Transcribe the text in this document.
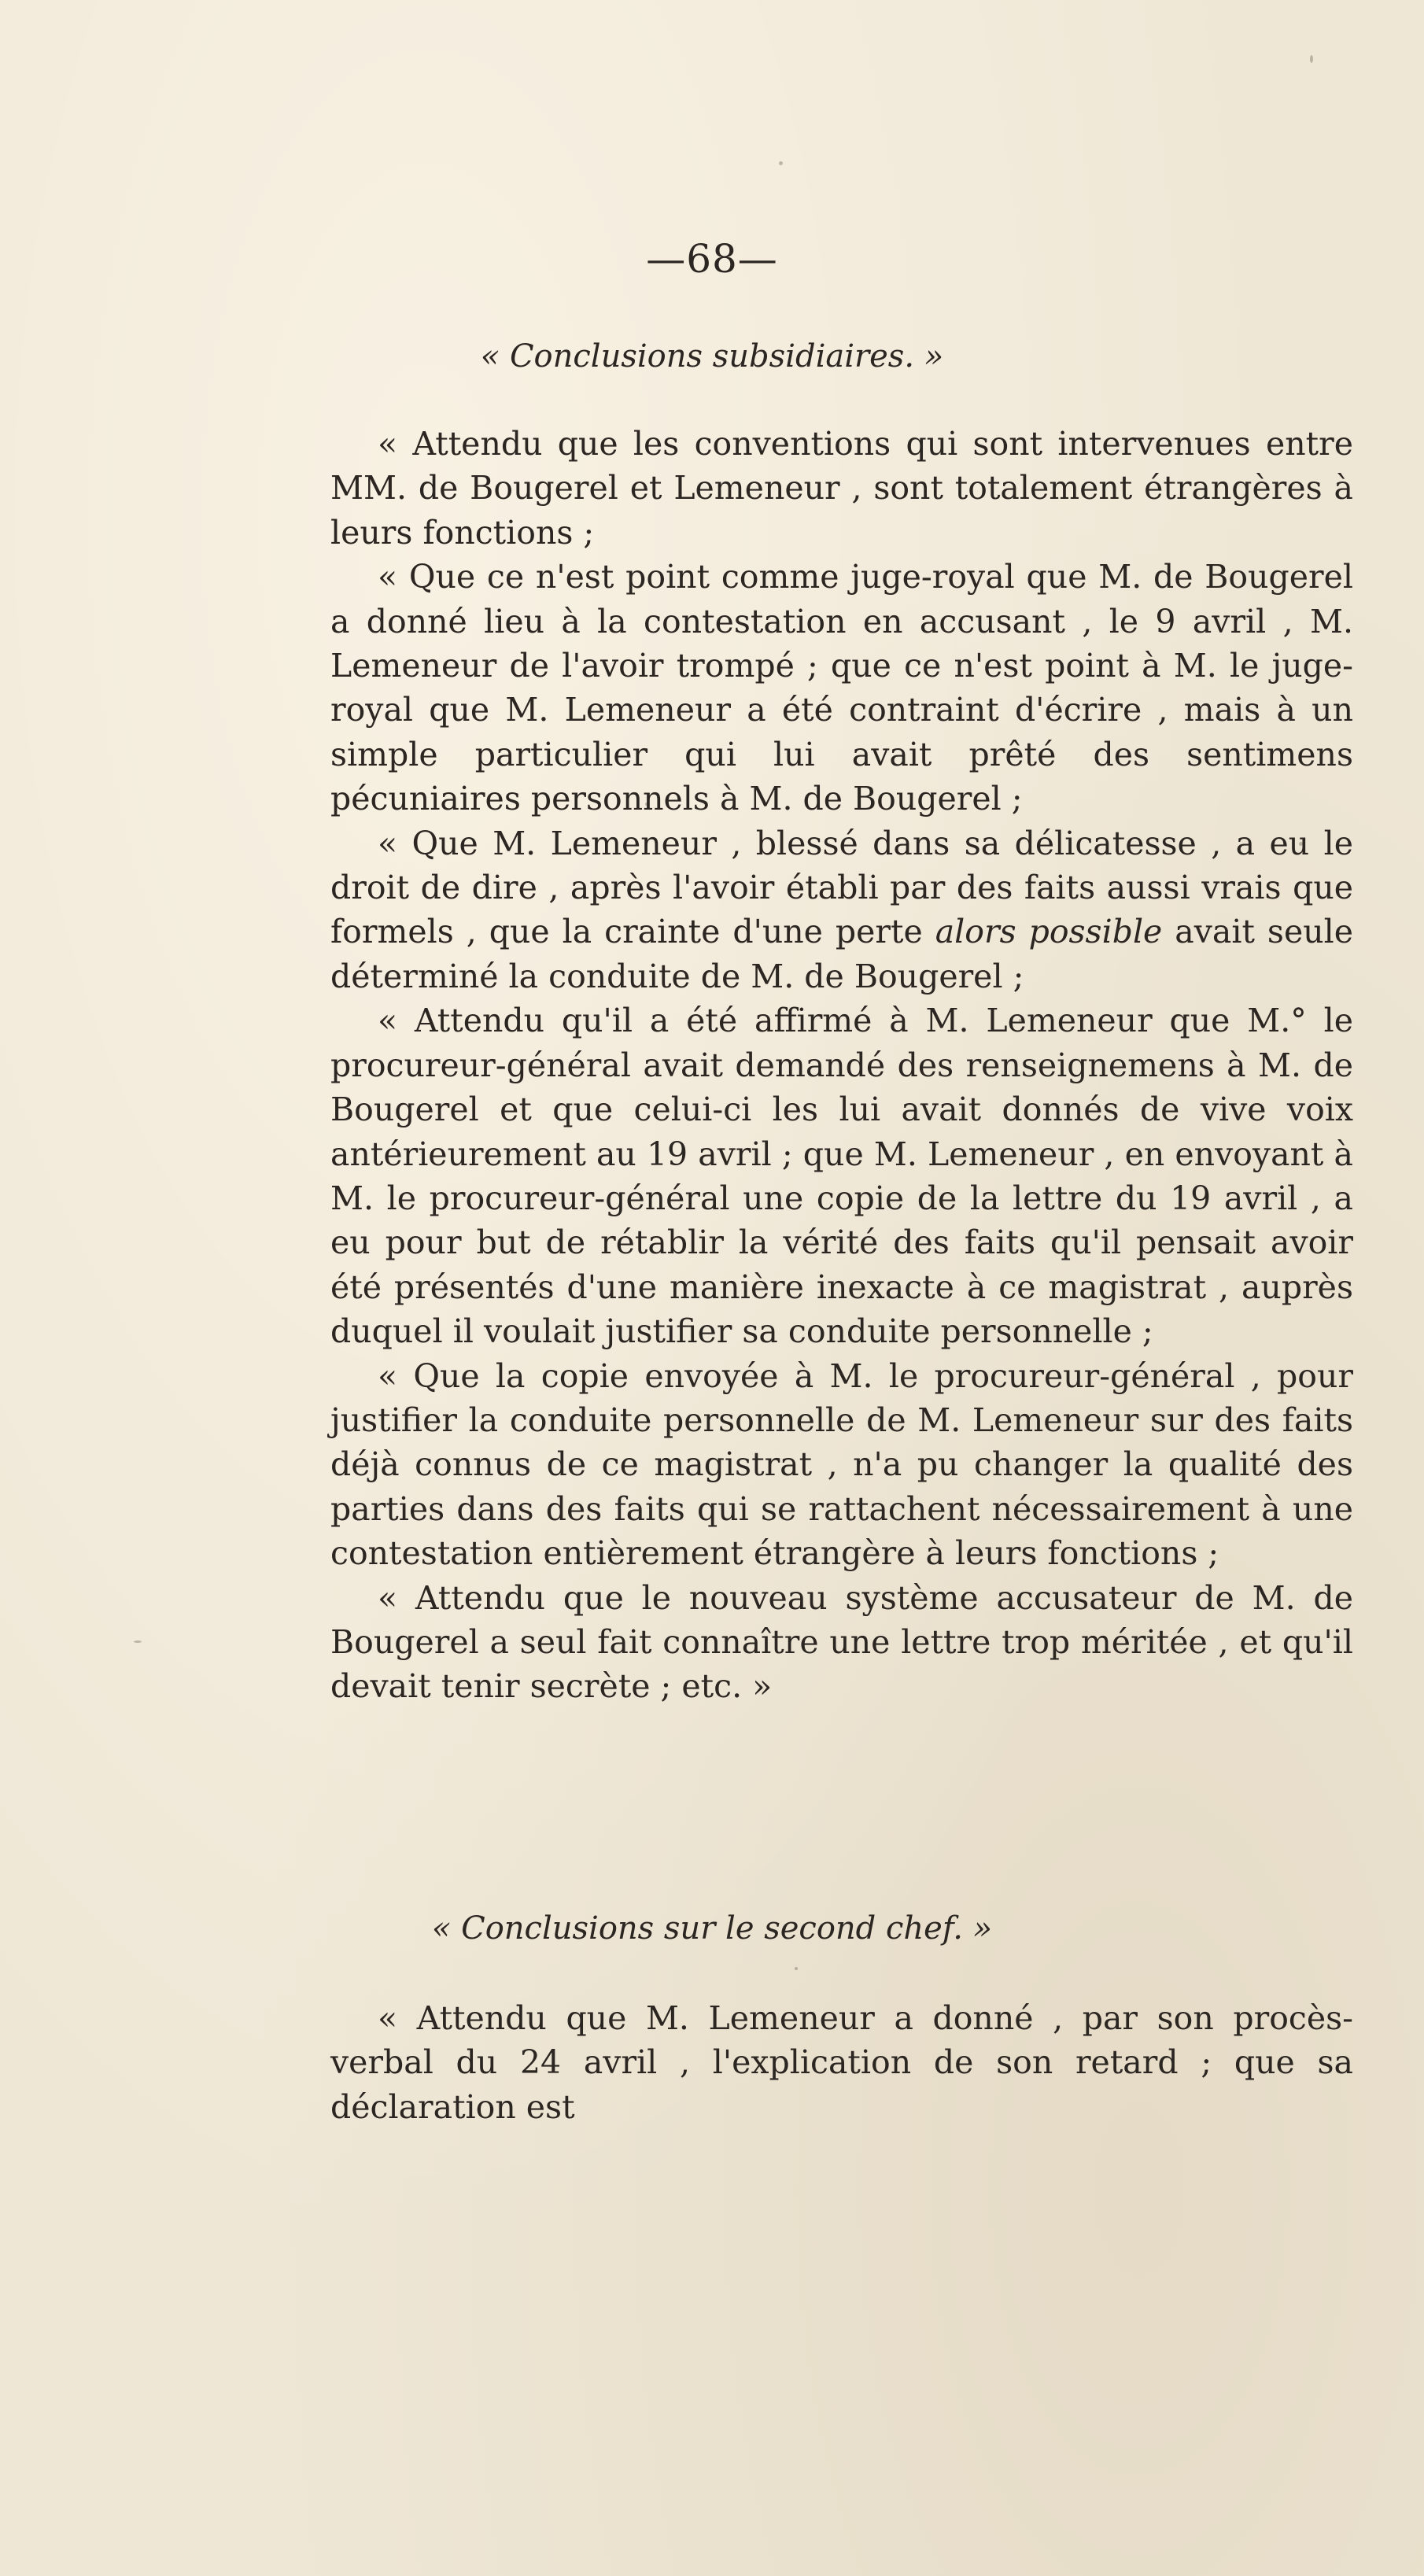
—68—
« Conclusions subsidiaires. »

« Attendu que les conventions qui sont intervenues entre MM. de Bougerel et Lemeneur , sont totalement étrangères à leurs fonctions ;

« Que ce n'est point comme juge-royal que M. de Bougerel a donné lieu à la contestation en accusant , le 9 avril , M. Lemeneur de l'avoir trompé ; que ce n'est point à M. le juge-royal que M. Lemeneur a été contraint d'écrire , mais à un simple particulier qui lui avait prêté des sentimens pécuniaires personnels à M. de Bougerel ;

« Que M. Lemeneur , blessé dans sa délicatesse , a eu le droit de dire , après l'avoir établi par des faits aussi vrais que formels , que la crainte d'une perte alors possible avait seule déterminé la conduite de M. de Bougerel ;

« Attendu qu'il a été affirmé à M. Lemeneur que M.° le procureur-général avait demandé des renseignemens à M. de Bougerel et que celui-ci les lui avait donnés de vive voix antérieurement au 19 avril ; que M. Lemeneur , en envoyant à M. le procureur-général une copie de la lettre du 19 avril , a eu pour but de rétablir la vérité des faits qu'il pensait avoir été présentés d'une manière inexacte à ce magistrat , auprès duquel il voulait justifier sa conduite personnelle ;

« Que la copie envoyée à M. le procureur-général , pour justifier la conduite personnelle de M. Lemeneur sur des faits déjà connus de ce magistrat , n'a pu changer la qualité des parties dans des faits qui se rattachent nécessairement à une contestation entièrement étrangère à leurs fonctions ;

« Attendu que le nouveau système accusateur de M. de Bougerel a seul fait connaître une lettre trop méritée , et qu'il devait tenir secrète ; etc. »

« Conclusions sur le second chef. »

« Attendu que M. Lemeneur a donné , par son procès-verbal du 24 avril , l'explication de son retard ; que sa déclaration est
